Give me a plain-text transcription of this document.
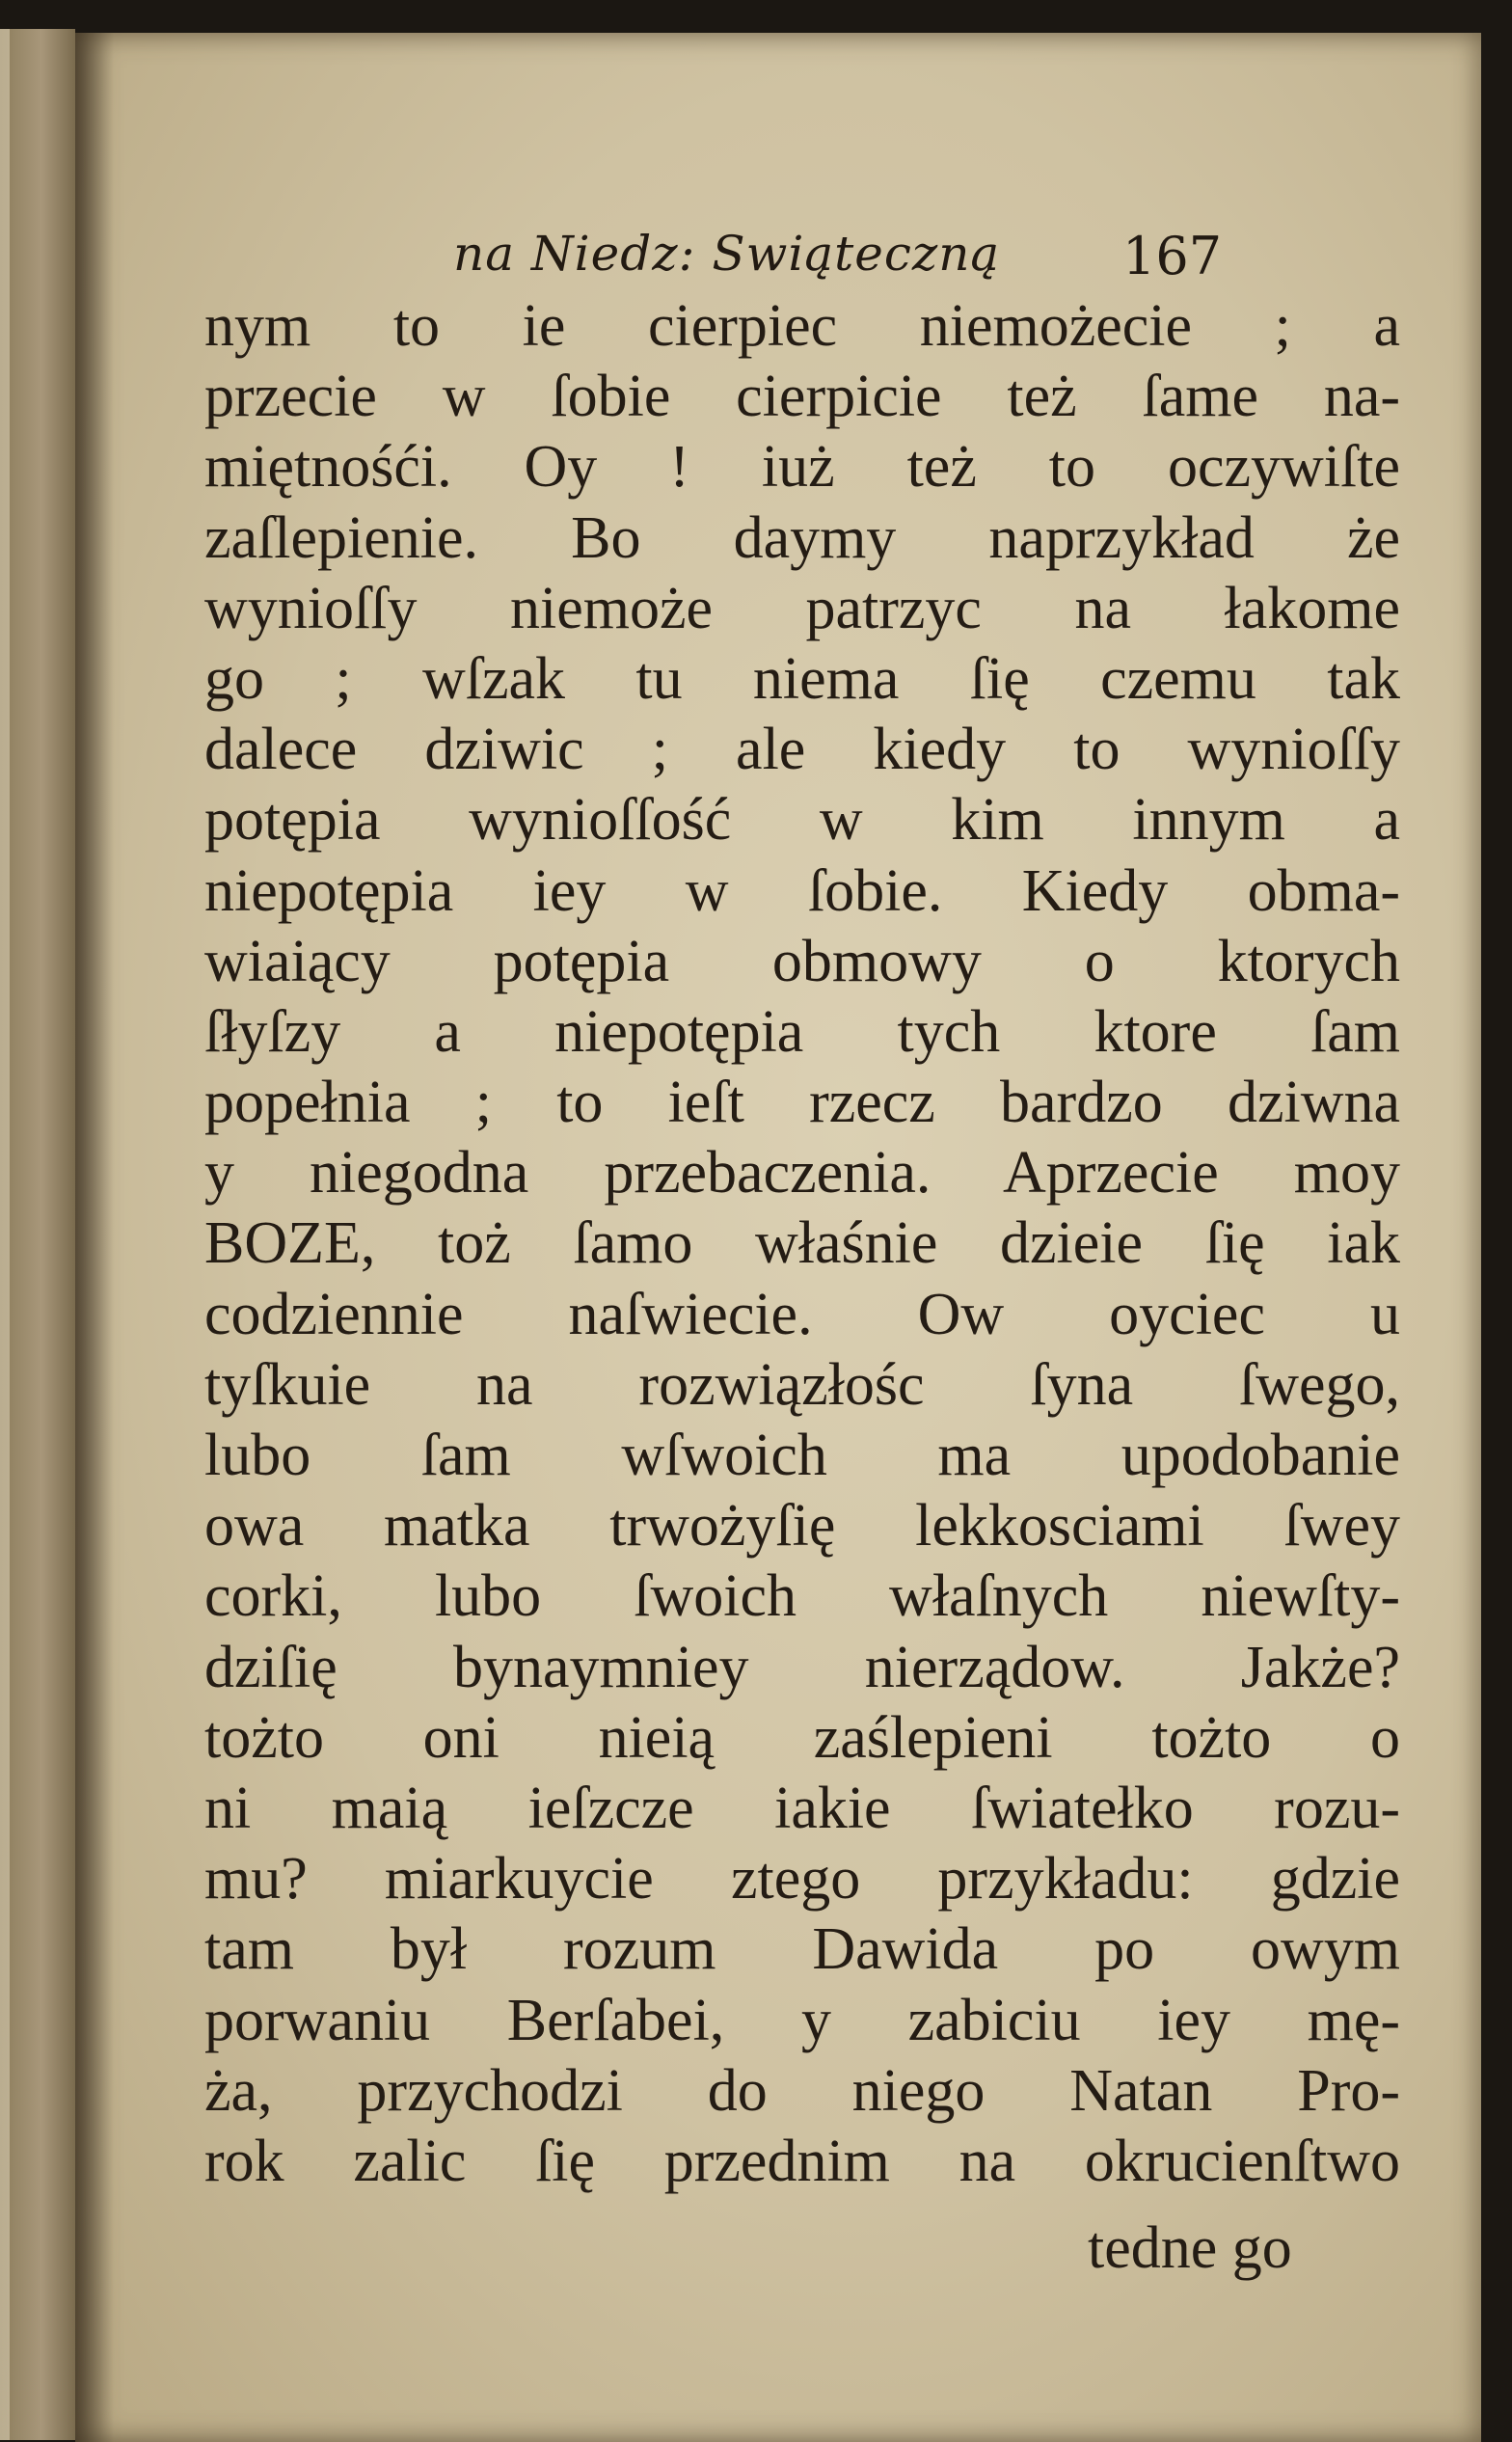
na Niedz: Swiąteczną 167
nym to ie cierpiec niemożecie ; a
przecie w ſobie cierpicie też ſame na-
miętnośći. Oy ! iuż też to oczywiſte
zaſlepienie. Bo daymy naprzykład że
wynioſſy niemoże patrzyc na łakome
go ; wſzak tu niema ſię czemu tak
dalece dziwic ; ale kiedy to wynioſſy
potępia wynioſſość w kim innym a
niepotępia iey w ſobie. Kiedy obma-
wiaiący potępia obmowy o ktorych
ſłyſzy a niepotępia tych ktore ſam
popełnia ; to ieſt rzecz bardzo dziwna
y niegodna przebaczenia. Aprzecie moy
BOZE, toż ſamo właśnie dzieie ſię iak
codziennie naſwiecie. Ow oyciec u
tyſkuie na rozwiązłośc ſyna ſwego,
lubo ſam wſwoich ma upodobanie
owa matka trwożyſię lekkosciami ſwey
corki, lubo ſwoich właſnych niewſty-
dziſię bynaymniey nierządow. Jakże?
tożto oni nieią zaślepieni tożto o
ni maią ieſzcze iakie ſwiatełko rozu-
mu? miarkuycie ztego przykładu: gdzie
tam był rozum Dawida po owym
porwaniu Berſabei, y zabiciu iey mę-
ża, przychodzi do niego Natan Pro-
rok zalic ſię przednim na okrucienſtwo
tedne go
